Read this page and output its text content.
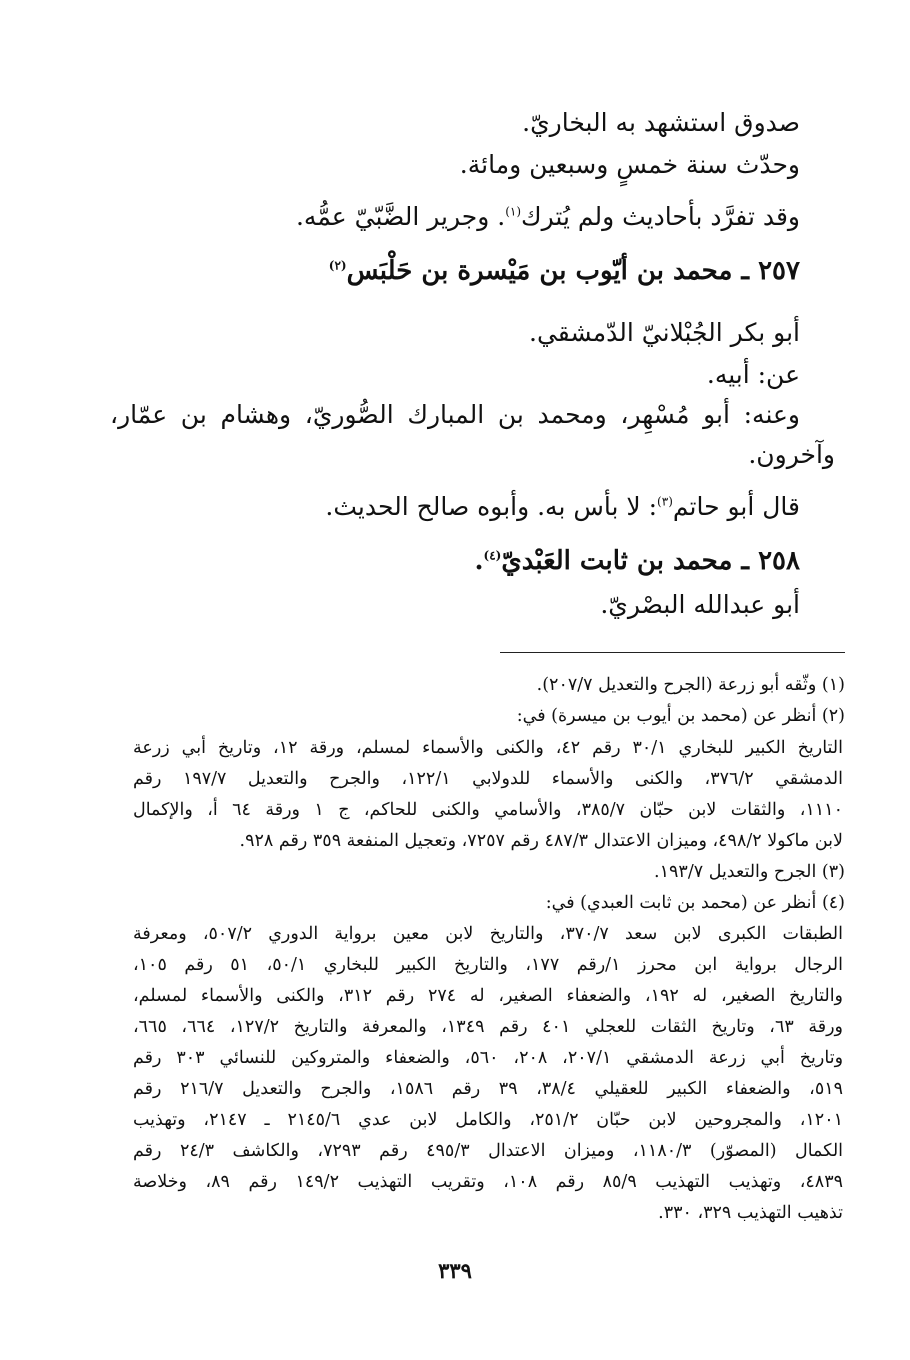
صدوق استشهد به البخاريّ.
وحدّث سنة خمسٍ وسبعين ومائة.
وقد تفرَّد بأحاديث ولم يُترك$^{(١)}$. وجرير الضَّبّيّ عمُّه.
٢٥٧ ـ محمد بن أيّوب بن مَيْسرة بن حَلْبَس$^{(٢)}$
أبو بكر الجُبْلانيّ الدّمشقي.
عن: أبيه.
وعنه: أبو مُسْهِر، ومحمد بن المبارك الصُّوريّ، وهشام بن عمّار،
وآخرون.
قال أبو حاتم$^{(٣)}$: لا بأس به. وأبوه صالح الحديث.
٢٥٨ ـ محمد بن ثابت العَبْديّ$^{(٤)}$.
أبو عبدالله البصْريّ.
(١) وثّقه أبو زرعة (الجرح والتعديل ٢٠٧/٧).
(٢) أنظر عن (محمد بن أيوب بن ميسرة) في:
التاريخ الكبير للبخاري ٣٠/١ رقم ٤٢، والكنى والأسماء لمسلم، ورقة ١٢، وتاريخ أبي زرعة
الدمشقي ٣٧٦/٢، والكنى والأسماء للدولابي ١٢٢/١، والجرح والتعديل ١٩٧/٧ رقم
١١١٠، والثقات لابن حبّان ٣٨٥/٧، والأسامي والكنى للحاكم، ج ١ ورقة ٦٤ أ، والإكمال
لابن ماكولا ٤٩٨/٢، وميزان الاعتدال ٤٨٧/٣ رقم ٧٢٥٧، وتعجيل المنفعة ٣٥٩ رقم ٩٢٨.
(٣) الجرح والتعديل ١٩٣/٧.
(٤) أنظر عن (محمد بن ثابت العبدي) في:
الطبقات الكبرى لابن سعد ٣٧٠/٧، والتاريخ لابن معين برواية الدوري ٥٠٧/٢، ومعرفة
الرجال برواية ابن محرز ١/رقم ١٧٧، والتاريخ الكبير للبخاري ٥٠/١، ٥١ رقم ١٠٥،
والتاريخ الصغير، له ١٩٢، والضعفاء الصغير، له ٢٧٤ رقم ٣١٢، والكنى والأسماء لمسلم،
ورقة ٦٣، وتاريخ الثقات للعجلي ٤٠١ رقم ١٣٤٩، والمعرفة والتاريخ ١٢٧/٢، ٦٦٤، ٦٦٥،
وتاريخ أبي زرعة الدمشقي ٢٠٧/١، ٢٠٨، ٥٦٠، والضعفاء والمتروكين للنسائي ٣٠٣ رقم
٥١٩، والضعفاء الكبير للعقيلي ٣٨/٤، ٣٩ رقم ١٥٨٦، والجرح والتعديل ٢١٦/٧ رقم
١٢٠١، والمجروحين لابن حبّان ٢٥١/٢، والكامل لابن عدي ٢١٤٥/٦ ـ ٢١٤٧، وتهذيب
الكمال (المصوّر) ١١٨٠/٣، وميزان الاعتدال ٤٩٥/٣ رقم ٧٢٩٣، والكاشف ٢٤/٣ رقم
٤٨٣٩، وتهذيب التهذيب ٨٥/٩ رقم ١٠٨، وتقريب التهذيب ١٤٩/٢ رقم ٨٩، وخلاصة
تذهيب التهذيب ٣٢٩، ٣٣٠.
٣٣٩
